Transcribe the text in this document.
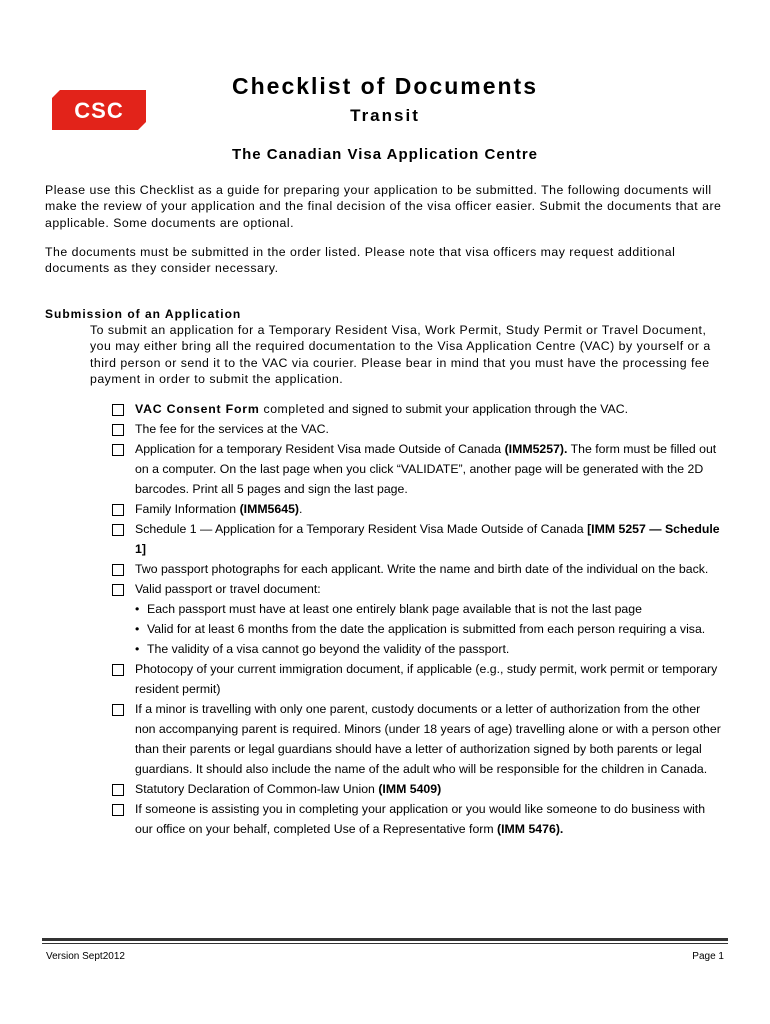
CSC
Checklist of Documents
Transit
The Canadian Visa Application Centre
Please use this Checklist as a guide for preparing your application to be submitted. The following documents will make the review of your application and the final decision of the visa officer easier. Submit the documents that are applicable. Some documents are optional.
The documents must be submitted in the order listed. Please note that visa officers may request additional documents as they consider necessary.
Submission of an Application
To submit an application for a Temporary Resident Visa, Work Permit, Study Permit or Travel Document, you may either bring all the required documentation to the Visa Application Centre (VAC) by yourself or a third person or send it to the VAC via courier. Please bear in mind that you must have the processing fee payment in order to submit the application.
VAC Consent Form completed and signed to submit your application through the VAC.
The fee for the services at the VAC.
Application for a temporary Resident Visa made Outside of Canada (IMM5257). The form must be filled out on a computer. On the last page when you click “VALIDATE”, another page will be generated with the 2D barcodes. Print all 5 pages and sign the last page.
Family Information (IMM5645).
Schedule 1 — Application for a Temporary Resident Visa Made Outside of Canada [IMM 5257 — Schedule 1]
Two passport photographs for each applicant. Write the name and birth date of the individual on the back.
Valid passport or travel document:
• Each passport must have at least one entirely blank page available that is not the last page
• Valid for at least 6 months from the date the application is submitted from each person requiring a visa.
• The validity of a visa cannot go beyond the validity of the passport.
Photocopy of your current immigration document, if applicable (e.g., study permit, work permit or temporary resident permit)
If a minor is travelling with only one parent, custody documents or a letter of authorization from the other non accompanying parent is required. Minors (under 18 years of age) travelling alone or with a person other than their parents or legal guardians should have a letter of authorization signed by both parents or legal guardians. It should also include the name of the adult who will be responsible for the children in Canada.
Statutory Declaration of Common-law Union (IMM 5409)
If someone is assisting you in completing your application or you would like someone to do business with our office on your behalf, completed Use of a Representative form (IMM 5476).
Version Sept2012	Page 1
